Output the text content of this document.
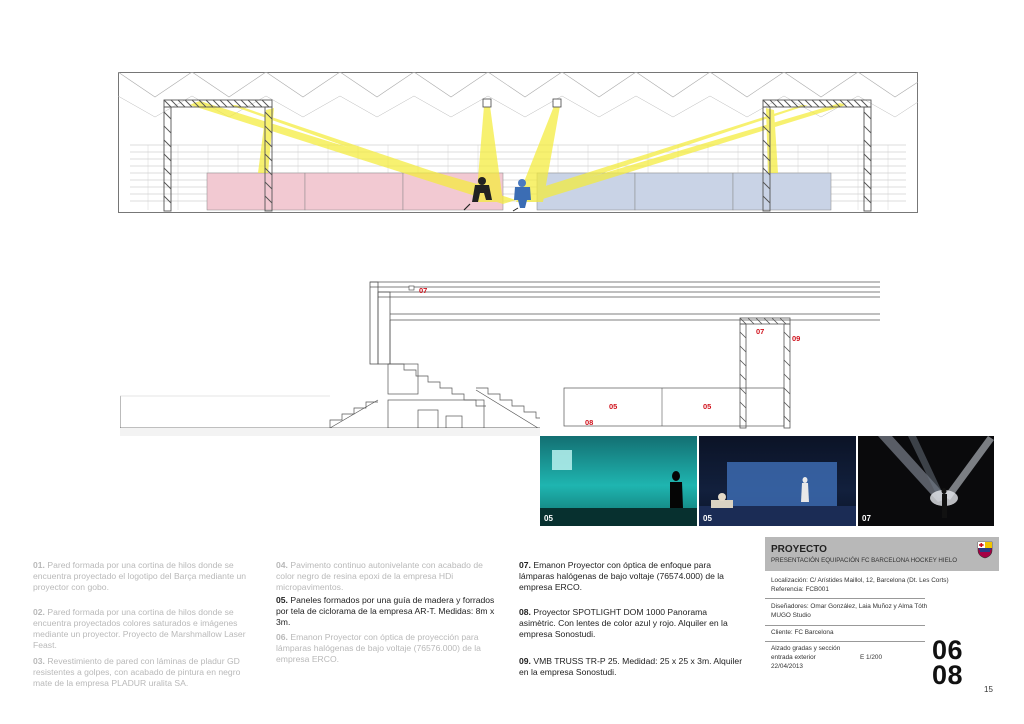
07
07
09
05	05
08
05	05	07
01. Pared formada por una cortina de hilos donde se encuentra proyectado el logotipo del Barça mediante un proyector con gobo.
02. Pared formada por una cortina de hilos donde se encuentra proyectados colores saturados e imágenes mediante un proyector. Proyecto de Marshmallow Laser Feast.
03. Revestimiento de pared con láminas de pladur GD resistentes a golpes, con acabado de pintura en negro mate de la empresa PLADUR uralita SA.
04. Pavimento continuo autonivelante con acabado de color negro de resina epoxi de la empresa HDi micropavimentos.
05. Paneles formados por una guía de madera y forrados por tela de ciclorama de la empresa AR-T. Medidas: 8m x 3m.
06. Emanon Proyector con óptica de proyección para lámparas halógenas de bajo voltaje (76576.000) de la empresa ERCO.
07. Emanon Proyector con óptica de enfoque para lámparas halógenas de bajo voltaje (76574.000) de la empresa ERCO.
08. Proyector SPOTLIGHT DOM 1000 Panorama asimètric. Con lentes de color azul y rojo. Alquiler en la empresa Sonostudi.
09. VMB TRUSS TR-P 25. Medidad: 25 x 25 x 3m. Alquiler en la empresa Sonostudi.
PROYECTO
PRESENTACIÓN EQUIPACIÓN FC BARCELONA HOCKEY HIELO
Localización: C/ Arístides Maillol, 12, Barcelona (Dt. Les Corts)
Referencia: FCB001
Diseñadores: Omar González, Laia Muñoz y Alma Tóth
MUGO Studio
Cliente: FC Barcelona
Alzado gradas y sección
entrada exterior	E 1/200
22/04/2013
06
08	15
